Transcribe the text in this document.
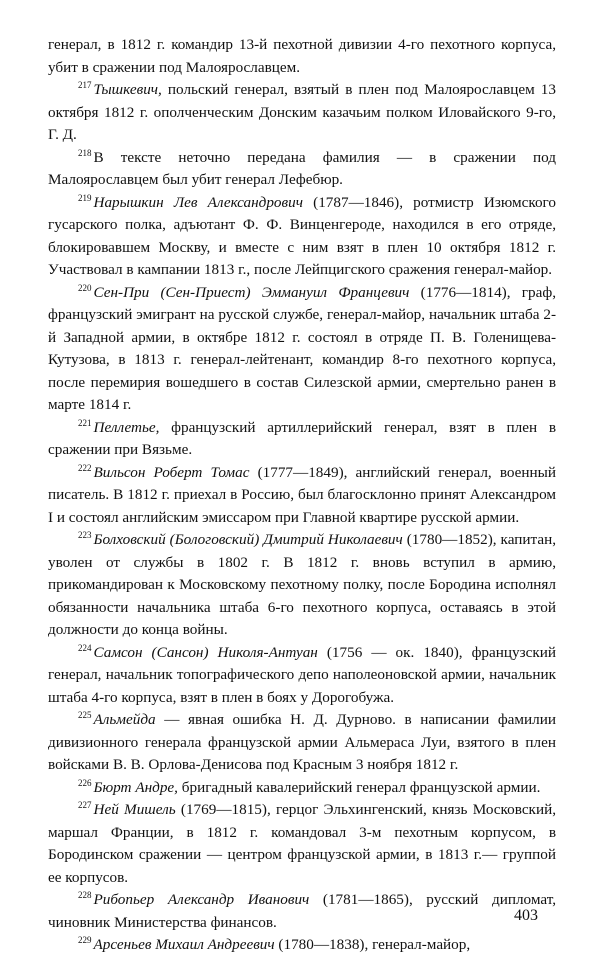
генерал, в 1812 г. командир 13-й пехотной дивизии 4-го пехотного корпуса, убит в сражении под Малоярославцем.

$^{217}$ Тышкевич, польский генерал, взятый в плен под Малоярославцем 13 октября 1812 г. ополченческим Донским казачьим полком Иловайского 9-го, Г. Д.

$^{218}$ В тексте неточно передана фамилия — в сражении под Малоярославцем был убит генерал Лефебюр.

$^{219}$ Нарышкин Лев Александрович (1787—1846), ротмистр Изюмского гусарского полка, адъютант Ф. Ф. Винценгероде, находился в его отряде, блокировавшем Москву, и вместе с ним взят в плен 10 октября 1812 г. Участвовал в кампании 1813 г., после Лейпцигского сражения генерал-майор.

$^{220}$ Сен-При (Сен-Приест) Эммануил Францевич (1776—1814), граф, французский эмигрант на русской службе, генерал-майор, начальник штаба 2-й Западной армии, в октябре 1812 г. состоял в отряде П. В. Голенищева-Кутузова, в 1813 г. генерал-лейтенант, командир 8-го пехотного корпуса, после перемирия вошедшего в состав Силезской армии, смертельно ранен в марте 1814 г.

$^{221}$ Пеллетье, французский артиллерийский генерал, взят в плен в сражении при Вязьме.

$^{222}$ Вильсон Роберт Томас (1777—1849), английский генерал, военный писатель. В 1812 г. приехал в Россию, был благосклонно принят Александром I и состоял английским эмиссаром при Главной квартире русской армии.

$^{223}$ Болховский (Бологовский) Дмитрий Николаевич (1780—1852), капитан, уволен от службы в 1802 г. В 1812 г. вновь вступил в армию, прикомандирован к Московскому пехотному полку, после Бородина исполнял обязанности начальника штаба 6-го пехотного корпуса, оставаясь в этой должности до конца войны.

$^{224}$ Самсон (Сансон) Николя-Антуан (1756 — ок. 1840), французский генерал, начальник топографического депо наполеоновской армии, начальник штаба 4-го корпуса, взят в плен в боях у Дорогобужа.

$^{225}$ Альмейда — явная ошибка Н. Д. Дурново. в написании фамилии дивизионного генерала французской армии Альмераса Луи, взятого в плен войсками В. В. Орлова-Денисова под Красным 3 ноября 1812 г.

$^{226}$ Бюрт Андре, бригадный кавалерийский генерал французской армии.

$^{227}$ Ней Мишель (1769—1815), герцог Эльхингенский, князь Московский, маршал Франции, в 1812 г. командовал 3-м пехотным корпусом, в Бородинском сражении — центром французской армии, в 1813 г.— группой ее корпусов.

$^{228}$ Рибопьер Александр Иванович (1781—1865), русский дипломат, чиновник Министерства финансов.

$^{229}$ Арсеньев Михаил Андреевич (1780—1838), генерал-майор,

403
